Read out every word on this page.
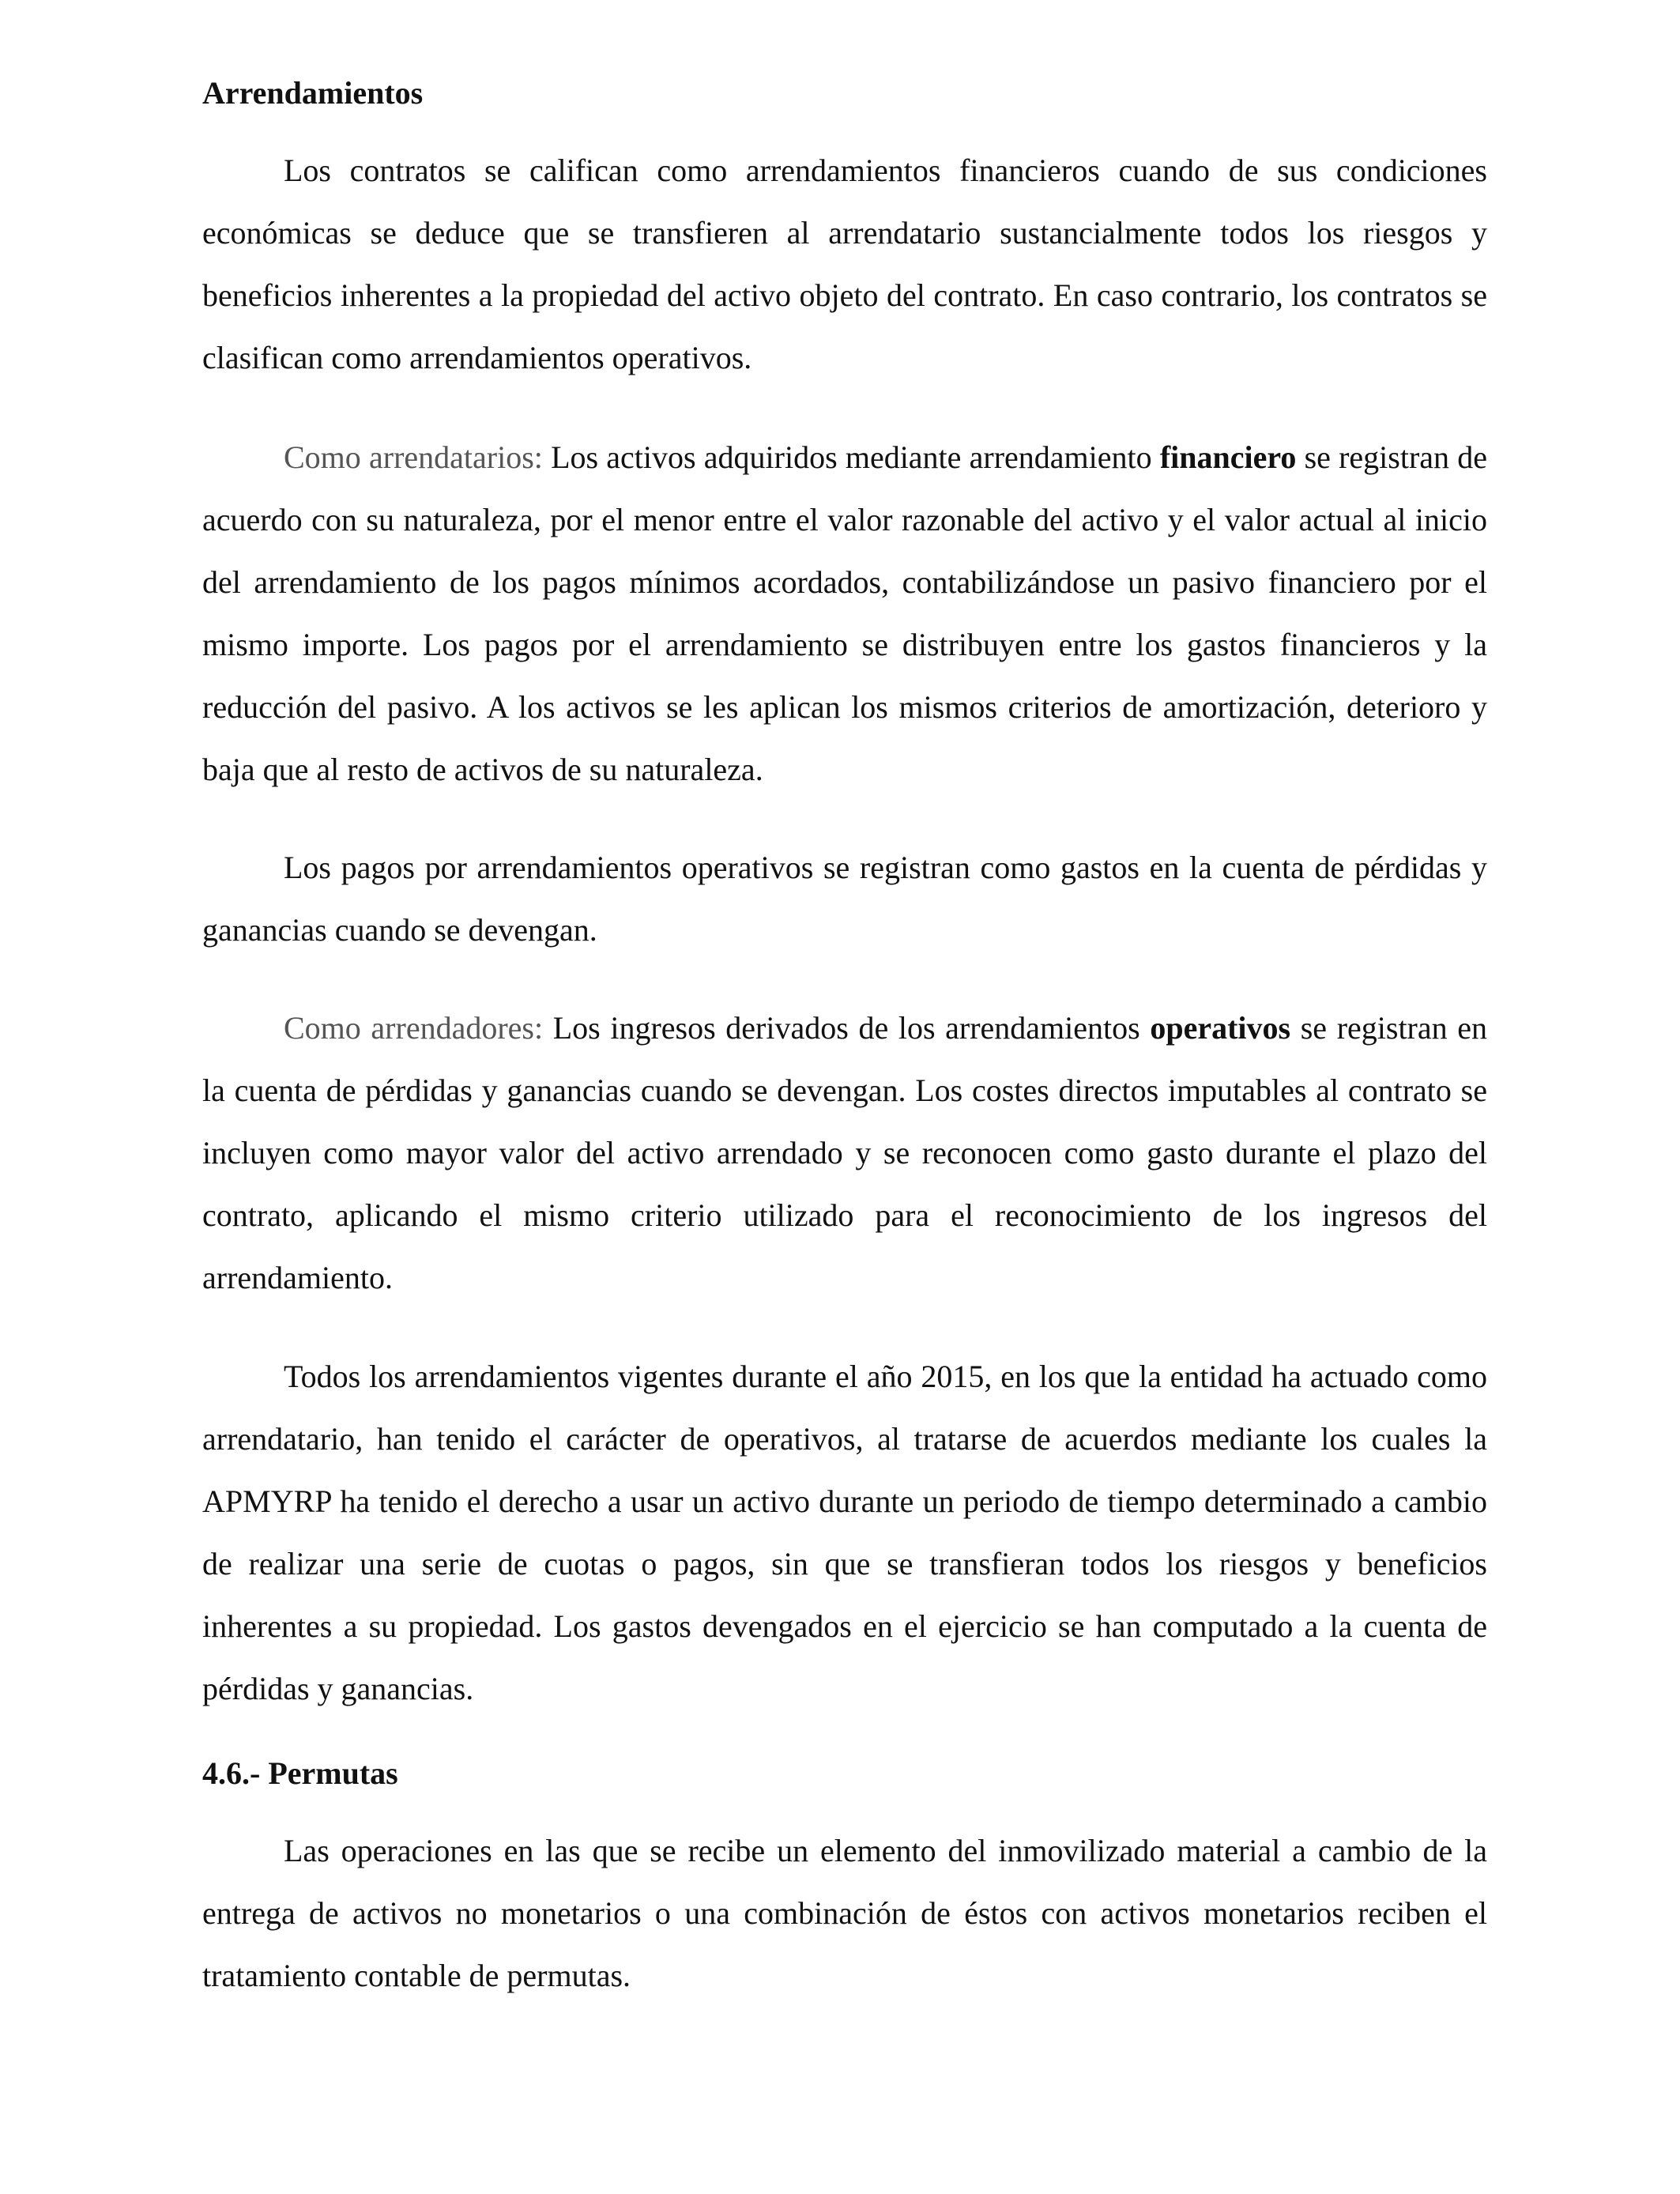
Arrendamientos

Los contratos se califican como arrendamientos financieros cuando de sus condiciones económicas se deduce que se transfieren al arrendatario sustancialmente todos los riesgos y beneficios inherentes a la propiedad del activo objeto del contrato. En caso contrario, los contratos se clasifican como arrendamientos operativos.

Como arrendatarios: Los activos adquiridos mediante arrendamiento financiero se registran de acuerdo con su naturaleza, por el menor entre el valor razonable del activo y el valor actual al inicio del arrendamiento de los pagos mínimos acordados, contabilizándose un pasivo financiero por el mismo importe. Los pagos por el arrendamiento se distribuyen entre los gastos financieros y la reducción del pasivo. A los activos se les aplican los mismos criterios de amortización, deterioro y baja que al resto de activos de su naturaleza.

Los pagos por arrendamientos operativos se registran como gastos en la cuenta de pérdidas y ganancias cuando se devengan.

Como arrendadores: Los ingresos derivados de los arrendamientos operativos se registran en la cuenta de pérdidas y ganancias cuando se devengan. Los costes directos imputables al contrato se incluyen como mayor valor del activo arrendado y se reconocen como gasto durante el plazo del contrato, aplicando el mismo criterio utilizado para el reconocimiento de los ingresos del arrendamiento.

Todos los arrendamientos vigentes durante el año 2015, en los que la entidad ha actuado como arrendatario, han tenido el carácter de operativos, al tratarse de acuerdos mediante los cuales la APMYRP ha tenido el derecho a usar un activo durante un periodo de tiempo determinado a cambio de realizar una serie de cuotas o pagos, sin que se transfieran todos los riesgos y beneficios inherentes a su propiedad. Los gastos devengados en el ejercicio se han computado a la cuenta de pérdidas y ganancias.

4.6.- Permutas

Las operaciones en las que se recibe un elemento del inmovilizado material a cambio de la entrega de activos no monetarios o una combinación de éstos con activos monetarios reciben el tratamiento contable de permutas.
